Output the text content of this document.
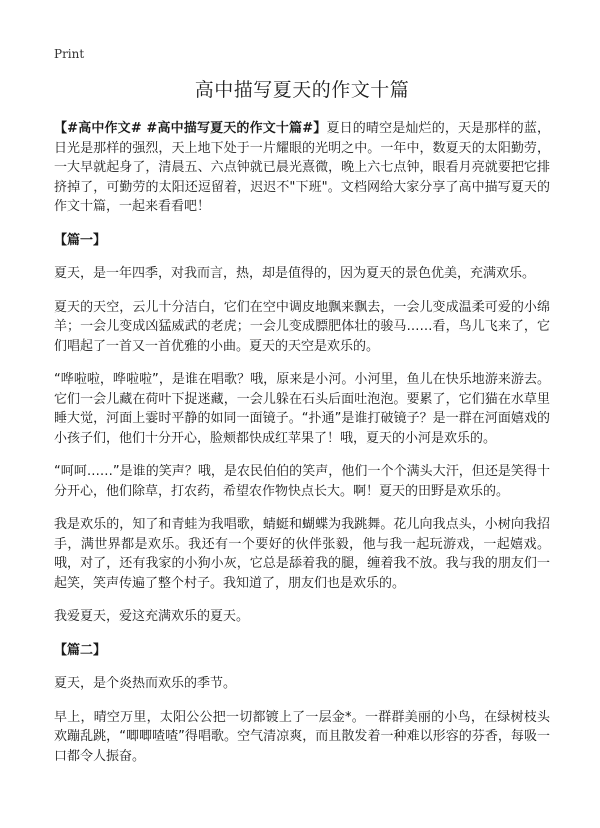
Print
高中描写夏天的作文十篇

【#高中作文# #高中描写夏天的作文十篇#】夏日的晴空是灿烂的，天是那样的蓝，日光是那样的强烈，天上地下处于一片耀眼的光明之中。一年中，数夏天的太阳勤劳，一大早就起身了，清晨五、六点钟就已晨光熹微，晚上六七点钟，眼看月亮就要把它排挤掉了，可勤劳的太阳还逗留着，迟迟不"下班"。文档网给大家分享了高中描写夏天的作文十篇，一起来看看吧！

【篇一】

夏天，是一年四季，对我而言，热，却是值得的，因为夏天的景色优美，充满欢乐。

夏天的天空，云儿十分洁白，它们在空中调皮地飘来飘去，一会儿变成温柔可爱的小绵羊；一会儿变成凶猛威武的老虎；一会儿变成膘肥体壮的骏马……看，鸟儿飞来了，它们唱起了一首又一首优雅的小曲。夏天的天空是欢乐的。

“哗啦啦，哗啦啦”，是谁在唱歌？哦，原来是小河。小河里，鱼儿在快乐地游来游去。它们一会儿藏在荷叶下捉迷藏，一会儿躲在石头后面吐泡泡。要累了，它们猫在水草里睡大觉，河面上霎时平静的如同一面镜子。“扑通”是谁打破镜子？是一群在河面嬉戏的小孩子们，他们十分开心，脸颊都快成红苹果了！哦，夏天的小河是欢乐的。

“呵呵……”是谁的笑声？哦，是农民伯伯的笑声，他们一个个满头大汗，但还是笑得十分开心，他们除草，打农药，希望农作物快点长大。啊！夏天的田野是欢乐的。

我是欢乐的，知了和青蛙为我唱歌，蜻蜓和蝴蝶为我跳舞。花儿向我点头，小树向我招手，满世界都是欢乐。我还有一个要好的伙伴张毅，他与我一起玩游戏，一起嬉戏。哦，对了，还有我家的小狗小灰，它总是舔着我的腿，缠着我不放。我与我的朋友们一起笑，笑声传遍了整个村子。我知道了，朋友们也是欢乐的。

我爱夏天，爱这充满欢乐的夏天。

【篇二】

夏天，是个炎热而欢乐的季节。

早上，晴空万里，太阳公公把一切都镀上了一层金*。一群群美丽的小鸟，在绿树枝头欢蹦乱跳，“唧唧喳喳”得唱歌。空气清凉爽，而且散发着一种难以形容的芬香，每吸一口都令人振奋。
